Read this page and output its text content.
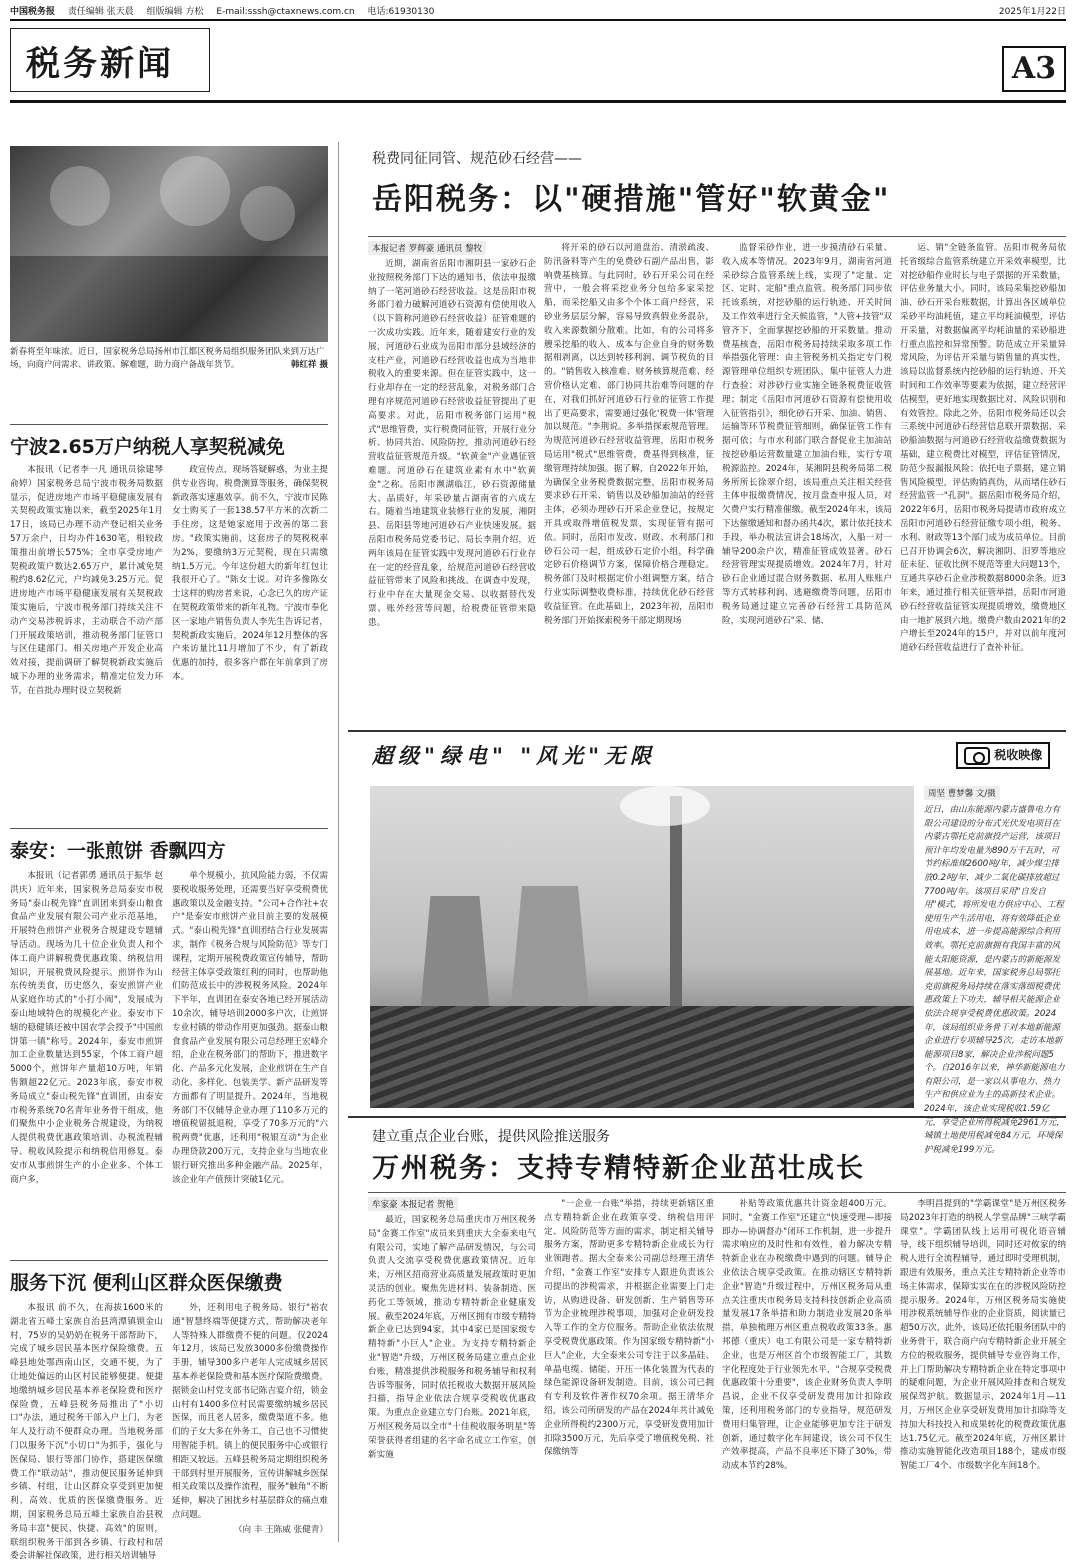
中国税务报 责任编辑 张天晨 组版编辑 方松 E-mail:sssh@ctaxnews.com.cn 电话:61930130	2025年1月22日
税务新闻	A3
新春将至年味浓。近日，国家税务总局扬州市江都区税务局组织服务团队来到万达广场，向商户问需求、讲政策、解难题，助力商户备战年货节。	韩红祥 摄
宁波2.65万户纳税人享契税减免

本报讯（记者李一凡 通讯员徐建琴 俞婷）国家税务总局宁波市税务局数据显示，促进房地产市场平稳健康发展有关契税政策实施以来，截至2025年1月17日，该局已办理不动产登记相关业务57万余户，日均办件1630笔，相较政策推出前增长575%；全市享受房地产契税政策户数达2.65万户，累计减免契税约8.62亿元，户均减免3.25万元。促进房地产市场平稳健康发展有关契税政策实施后，宁波市税务部门持续关注不动产交易涉税诉求，主动联合不动产部门开展政策培训，推动税务部门征管口与区住建部门、相关房地产开发企业高效对接，提前调研了解契税新政实施后城下办理的业务需求，精准定位发力环节，在首批办理时设立契税新

政宣传点，现场答疑解惑，为业主提供专业咨询、税费测算等服务，确保契税新政落实速惠效享。前不久，宁波市民陈女士购买了一套138.57平方米的次新二手住房，这是她家庭用于改善的第二套房。"政策实施前，这套房子的契税税率为2%，要缴纳3万元契税，现在只需缴纳1.5万元。今年这份超大的新年红包让我很开心了。"陈女士说。对许多像陈女士这样的购房者来说，心念已久的房产证在契税政策带来的新年礼物。宁波市奉化区一家地产销售负责人李先生告诉记者，契税新政实施后，2024年12月整体的客户来访量比11月增加了不少，有了新政优惠的加持，很多客户都在年前拿到了房本。

泰安：一张煎饼 香飘四方

本报讯（记者郭勇 通讯员于振华 赵洪庆）近年来，国家税务总局泰安市税务局"泰山税先锋"直训团来到泰山粮食食品产业发展有限公司产业示范基地，开展特色煎饼产业税务合规建设专题辅导活动。现场为几十位企业负责人和个体工商户讲解税费优惠政策、纳税信用知识，开展税费风险提示。煎饼作为山东传统美食，历史悠久，泰安煎饼产业从家庭作坊式的"小打小闹"，发展成为泰山地域特色的规模化产业。泰安市下辖的稳健镇还被中国农学会授予"中国煎饼第一镇"称号。2024年，泰安市煎饼加工企业数量达到55家，个体工商户超5000个，煎饼年产量超10万吨，年销售额超22亿元。2023年底，泰安市税务局成立"泰山税先锋"直训团，由泰安市税务系统70名青年业务骨干组成，他们聚焦中小企业税务合规建设，为纳税人提供税费优惠政策培训、办税流程辅导、税收风险提示和纳税信用修复。泰安市从事煎饼生产的小企业多、个体工商户多，

单个规模小，抗风险能力弱，不仅需要税收服务处理，还需要当好享受税费优惠政策以及金融支持。"公司+合作社+农户"是泰安市煎饼产业目前主要的发展模式。"泰山税先锋"直训团结合行业发展需求，制作《税务合规与风险防范》等专门课程，定期开展税费政策宣传辅导，帮助经营主体享受政策红利的同时，也帮助他们防范成长中的涉税税务风险。2024年下半年，直训团在泰安各地已经开展活动10余次，辅导培训2000多户次，让煎饼专业村镇的带动作用更加强劲。据泰山粮食食品产业发展有限公司总经理王宏峰介绍，企业在税务部门的帮助下，推进数字化、产品多元化发展，企业煎饼在生产自动化、多样化、包装美学、新产品研发等方面都有了明显提升。2024年，当地税务部门不仅辅导企业办理了110多万元的增值税留抵退税，享受了70多万元的"六税两费"优惠，还利用"税银互动"为企业办理贷款200万元，支持企业与当地农业银行研究推出多种金融产品。2025年，该企业年产值预计突破1亿元。

服务下沉 便利山区群众医保缴费

本报讯 前不久，在海拔1600米的湖北省五峰土家族自治县湾潭镇锁金山村，75岁的吴奶奶在税务干部帮助下，完成了城乡居民基本医疗保险缴费。五峰县地处鄂西南山区，交通不便，为了让地处偏远的山区村民能够便捷、便捷地缴纳城乡居民基本养老保险费和医疗保险费，五峰县税务局推出了"小切口"办法，通过税务干部入户上门，为老年人及行动不便群众办理。当地税务部门以服务下沉"小切口"为抓手，强化与医保局、银行等部门协作，搭建医保缴费工作"联动站"，推动便民服务延伸到乡镇、村组，让山区群众享受到更加便利、高效、优质的医保缴费服务。近期，国家税务总局五峰土家族自治县税务局丰富"便民、快捷、高效"的原则，联组织税务干部到各乡镇、行政村和居委会讲解社保政策，进行相关培训辅导

外，还利用电子税务局、银行"裕农通"智慧终端等便捷方式，帮助解决老年人等特殊人群缴费不便的问题。仅2024年12月，该局已发放3000多份缴费操作手册，辅导300多户老年人完成城乡居民基本养老保险费和基本医疗保险费缴费。据锁金山村党支部书记陈吉宴介绍，锁金山村有1400多位村民需要缴纳城乡居民医保，而且老人居多，缴费渠道不多。他们的子女大多在外务工，自己也不习惯使用智能手机。镇上的便民服务中心或银行相距又较远。五峰县税务局定期组织税务干部到村里开展服务，宣传讲解城乡医保相关政策以及操作流程，服务"触角"不断延伸，解决了困扰乡村基层群众的痛点难点问题。

（向 丰 王陈威 张健青）
税费同征同管、规范砂石经营——
岳阳税务：以"硬措施"管好"软黄金"
本报记者 罗辉豪 通讯员 黎牧

近期，湖南省岳阳市湘阴县一家砂石企业按照税务部门下达的通知书，依法申报缴纳了一笔河道砂石经营收益。这是岳阳市税务部门着力破解河道砂石资源有偿使用收入（以下简称河道砂石经营收益）征管难题的一次成功实践。近年来，随着建安行业的发展，河道砂石业成为岳阳市部分县域经济的支柱产业，河道砂石经营收益也成为当地非税收入的重要来源。但在征管实践中，这一行业却存在一定的经营乱象，对税务部门合理有序规范河道砂石经营收益征管提出了更高要求。对此，岳阳市税务部门运用"税式"思维管费，实行税费同征管，开展行业分析、协同共治、风险防控，推动河道砂石经营收益征管规范升级。"软黄金"产业遇征管难题。河道砂石在建筑业素有水中"软黄金"之称。岳阳市濒湖临江，砂石资源储量大、品质好，年采砂量占湖南省的六成左右。随着当地建筑业装修行业的发展，湘阴县、岳阳县等地河道砂石产业快速发展。据岳阳市税务局党委书记、局长李荆介绍，近两年该局在征管实践中发现河道砂石行业存在一定的经营乱象，给规范河道砂石经营收益征管带来了风险和挑战。在调查中发现，行业中存在大量现金交易、以收据替代发票、账外经营等问题，给税费征管带来隐患。

将开采的砂石以河道盘治、清淤疏浚、防汛备料等产生的免费砂石副产品出售，影响费基核算。与此同时，砂石开采公司在经营中，一般会将采挖业务分包给多家采挖船，而采挖船又由多个个体工商户经营，采砂业务层层分解，容易导致真假业务混杂，收入来源数额分散难。比如，有的公司将多艘采挖船的收入、成本与企业自身的财务数据相剥离，以达到转移利润、调节税负的目的。"销售收入核准难、财务核算规范难、经营价格认定难、部门协同共治难等问题的存在，对我们抓好河道砂石行业的征管工作提出了更高要求，需要通过强化'税费一体'管理加以规范。"李荆说。多举措探索规范管理。为规范河道砂石经营收益管理，岳阳市税务局运用"税式"思维管费，费基得到核准，征缴管理持续加强。据了解，自2022年开始，为确保全业务税费数据完整，岳阳市税务局要求砂石开采、销售以及砂船加油站的经营主体，必须办理砂石开采企业登记，按规定开具或取得增值税发票，实现征管有据可依。同时，岳阳市发改、财政、水利部门和砂石公司一起，组成砂石定价小组，科学确定砂石价格调节方案，保障价格合理稳定。税务部门及时根据定价小组调整方案，结合行业实际调整收费标准，持续优化砂石经营收益征管。在此基础上，2023年初，岳阳市税务部门开始探索税务干部定期现场

监督采砂作业，进一步摸清砂石采量、收入成本等情况。2023年9月，湖南省河道采砂综合监管系统上线，实现了"定量、定区、定时、定船"重点监管。税务部门同步依托该系统，对挖砂船的运行轨迹、开关时间及工作效率进行全天候监管，"人管+技管"双管齐下，全面掌握挖砂船的开采数量。推动费基核查，岳阳市税务局持续采取多项工作举措强化管理：由主管税务机关指定专门税源管理单位组织专班团队，集中征管人力进行查验；对涉砂行业实施全链条税费征收管理；制定《岳阳市河道砂石资源有偿使用收入征管指引》，细化砂石开采、加油、销售、运输等环节税费征管细则，确保征管工作有据可依；与市水利部门联合督促业主加油站按挖砂船运营数量建立加油台账，实行专项税源监控。2024年，某湘阴县税务局第二税务所所长徐翠介绍，该局重点关注相关经营主体申报缴费情况，按月盘查申报人员，对欠费户实行精准催缴。截至2024年末，该局下达催缴通知和督办函共4次，累计依托技术手段，举办税法宣讲会18场次，入船一对一辅导200余户次，精准征管成效显著。砂石经营管理实现提质增效。2024年7月，针对砂石企业通过混合财务数据、私用人账账户等方式转移利润、逃避缴费等问题，岳阳市税务局通过建立完善砂石经营工具防范风险，实现河道砂石"采、储、

运、销"全链条监管。岳阳市税务局依托省级综合监管系统建立开采效率模型，比对挖砂船作业时长与电子票据的开采数量，评估业务量大小。同时，该局采集挖砂船加油、砂石开采台账数据，计算出各区域单位采砂平均油耗值，建立平均耗油模型，评估开采量，对数据偏离平均耗油量的采砂船进行重点监控和异常预警。防范成立开采量异常风险，为评估开采量与销售量的真实性，该局以监督系统内挖砂船的运行轨迹、开关时间和工作效率等要素为依据，建立经营评估模型，更好地实现数据比对、风险识别和有效管控。除此之外，岳阳市税务局还以会三系统中河道砂石经营信息联开票数据、采砂船油数据与河道砂石经营收益缴费数据为基础，建立税费比对模型，评估征管情况，防范少报漏报风险；依托电子票据，建立销售风险模型，评估购销真伪，从而堵住砂石经营监管一"孔洞"。据岳阳市税务局介绍，2022年6月，岳阳市税务局提请市政府成立岳阳市河道砂石经营征缴专项小组，税务、水利、财政等13个部门成为成员单位。目前已召开协调会6次，解决湘阴、汨罗等地应征未征、征收比例不规范等重大问题13个，互通共享砂石企业涉税数据8000余条。近3年来，通过推行相关征管举措，岳阳市河道砂石经营收益征管实现提质增效，缴费地区由一地扩展到六地。缴费户数由2021年的2户增长至2024年的15户，并对以前年度河道砂石经营收益进行了查补补征。

超级"绿电" "风光"无限	税收映像
周坚 曹梦馨 文/摄
近日，由山东能源内蒙古盛鲁电力有限公司建设的分布式光伏发电项目在内蒙古鄂托克前旗投产运营，该项目预计年均发电量为890万千瓦时，可节约标准煤2600吨/年，减少煤尘排放0.2吨/年，减少二氧化碳排放超过7700吨/年。该项目采用"自发自用"模式，将所发电力供应中心、工程使用生产生活用电，将有效降低企业用电成本，进一步提高能源综合利用效率。鄂托克前旗拥有我国丰富的风能太阳能资源，是内蒙古的新能源发展基地。近年来，国家税务总局鄂托克前旗税务局持续在落实落细税费优惠政策上下功夫，辅导相关能源企业依法合规享受税费优惠政策。2024年，该局组织业务骨干对本地新能源企业进行专项辅导25次，走访本地新能源项目8家，解决企业涉税问题5个。自2016年以来，神华新能源电力有限公司，是一家以从事电力、热力生产和供应业为主的高新技术企业。2024年，该企业实现税收1.59亿元，享受企业所得税减免2961万元，城镇土地使用税减免84万元，环境保护税减免199万元。
建立重点企业台账，提供风险推送服务
万州税务：支持专精特新企业茁壮成长
牟家豪 本报记者 贺艳

最近，国家税务总局重庆市万州区税务局"金赛工作室"成员来到重庆大全泰来电气有限公司，实地了解产品研发情况，与公司负责人交流享受税费优惠政策情况。近年来，万州区招商营业高质量发展政策时更加灵活的创业。聚焦先进材料、装备制造、医药化工等领域，推动专精特新企业健康发展。截至2024年底，万州区拥有市级专精特新企业已达到94家，其中4家已是国家级专精特新"小巨人"企业。为支持专精特新企业"智造"升级，万州区税务局建立重点企业台账，精准提供涉税服务和税务辅导和权利告诉等服务，同时依托税收大数据开展风险扫描，指导企业依法合规享受税收优惠政策。为重点企业建立专门台账。2021年底，万州区税务局以全市"十佳税收服务明星"等荣誉获得者组建的名字命名成立工作室，创新实施

"一企业一台账"举措，持续更新辖区重点专精特新企业在政策享受、纳税信用评定、风险防范等方面的需求，制定相关辅导服务方案，帮助更多专精特新企业成长为行业领跑者。据大全泰来公司副总经理王清华介绍，"金赛工作室"安排专人跟进负责该公司提出的涉税需求，并根据企业需要上门走访，从购进设备、研发创新、生产销售等环节为企业梳理涉税事项，加强对企业研发投入等工作的全方位服务。帮助企业依法依规享受税费优惠政策。作为国家级专精特新"小巨人"企业，大全泰来公司专注于以多晶硅、单晶电缆、储能、开压一体化装置为代表的绿色能源设备研发制造。目前，该公司已拥有专利及软件著作权70余项。据王清华介绍，该公司所研发的产品在2024年共计减免企业所得税约2300万元，享受研发费用加计扣除3500万元，先后享受了增值税免税、社保缴纳等

补贴等政策优惠共计资金超400万元。同时，"金赛工作室"还建立"快速受理—即接即办—协调督办"闭环工作机制，进一步提升需求响应的及时性和有效性，着力解决专精特新企业在办税缴费中遇到的问题。辅导企业依法合规享受政策。在推动辖区专精特新企业"智造"升级过程中，万州区税务局从重点关注重庆市税务局支持科技创新企业高质量发展17条举措和助力制造业发展20条举措，单独梳理万州区重点税收政策33条。惠邦德（重庆）电工有限公司是一家专精特新企业，也是万州区首个市级智能工厂，其数字化程度处于行业领先水平，"合规享受税费优惠政策十分重要"，该企业财务负责人李明昌说，企业不仅享受研发费用加计扣除政策，还利用税务部门的专业指导，规范研发费用归集管理，让企业能够更加专注于研发创新，通过数字化车间建设，该公司不仅生产效率提高，产品不良率还下降了30%，带动成本节约28%。

李明昌提到的"学霸课堂"是万州区税务局2023年打造的纳税人学堂品牌"三峡学霸课堂"。学霸团队线上运用可视化语音辅导，线下组织辅导培训，同时还对攸家的纳税人进行全流程辅导，通过即时受理机制，跟进有效服务，重点关注专精特新企业等市场主体需求，保障实实在在的涉税风险防控提示服务。2024年，万州区税务局实施使用涉税系统辅导作业的企业资质，阅读量已超50万次，此外，该局还依托服务团队中的业务骨干，联合商户向专精特新企业开展全方位的税收服务，提供辅导专业咨询工作，并上门帮助解决专精特新企业在特定事项中的疑难问题，为企业开展风险排查和合规发展保驾护航。数据显示，2024年1月—11月，万州区企业享受研发费用加计扣除等支持加大科技投入和成果转化的税费政策优惠达1.75亿元。截至2024年底，万州区累计推动实施智能化改造项目188个，建成市级智能工厂4个、市级数字化车间18个。
